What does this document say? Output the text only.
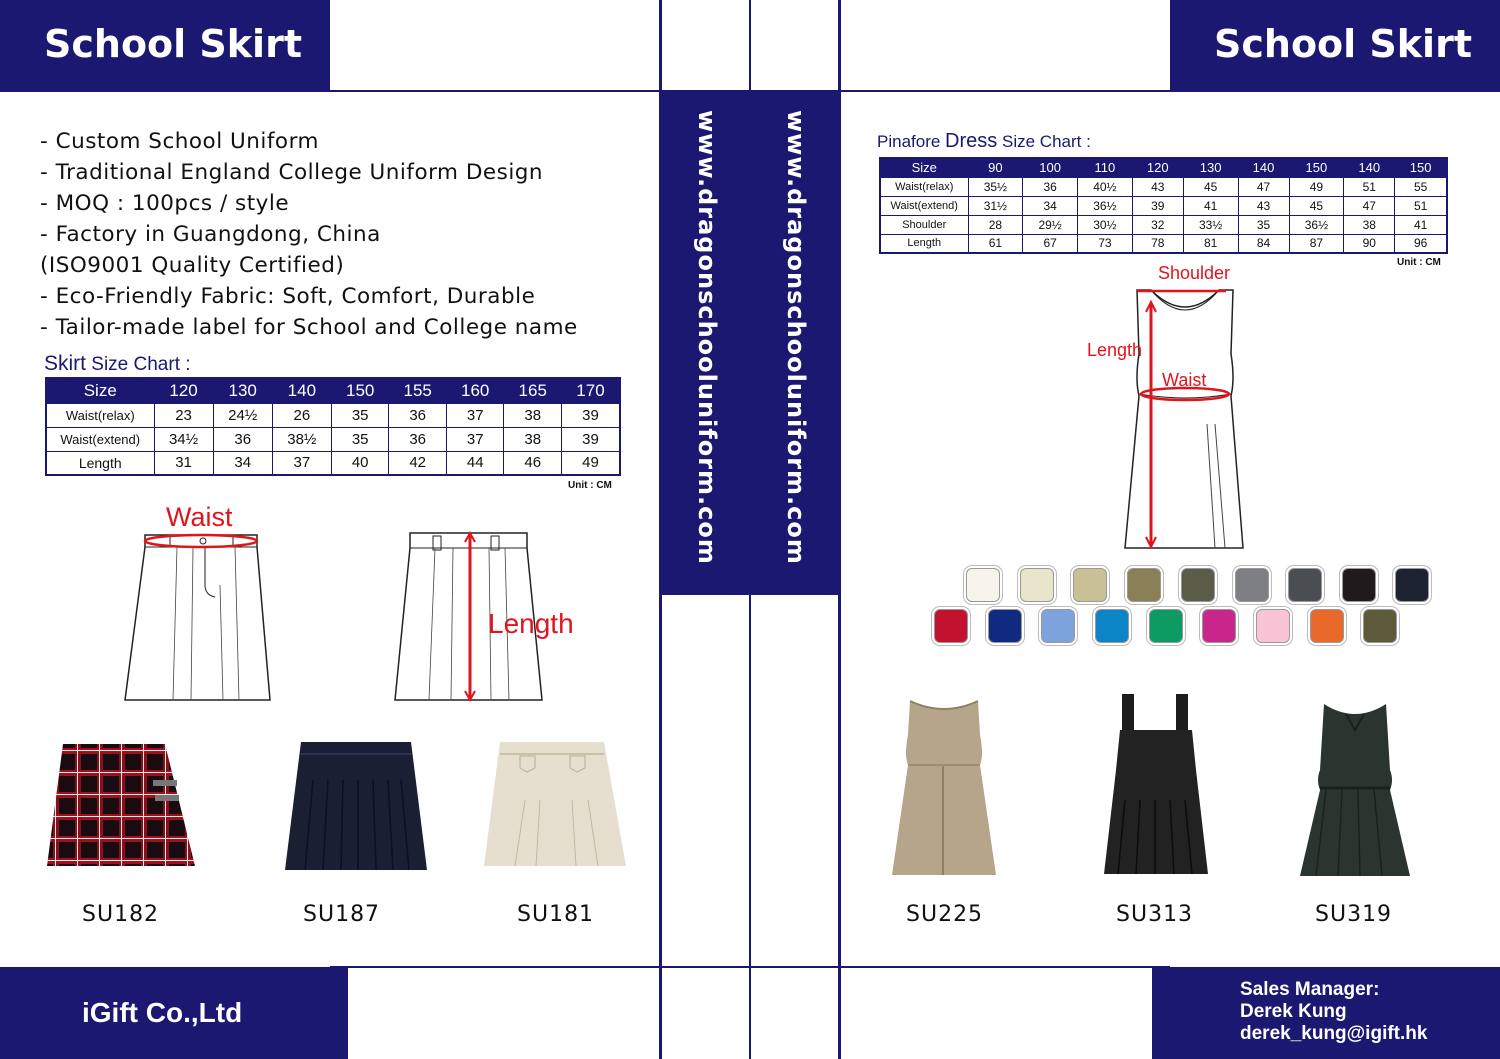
School Skirt	School Skirt
www.dragonschooluniform.com	www.dragonschooluniform.com
- Custom School Uniform
- Traditional England College Uniform Design
- MOQ : 100pcs / style
- Factory in Guangdong, China
(ISO9001 Quality Certified)
- Eco-Friendly Fabric: Soft, Comfort, Durable
- Tailor-made label for School and College name
Skirt Size Chart :
Size	120	130	140	150	155	160	165	170
Waist(relax)	23	24½	26	35	36	37	38	39
Waist(extend)	34½	36	38½	35	36	37	38	39
Length	31	34	37	40	42	44	46	49
Unit : CM
Waist
Length
SU182	SU187	SU181
iGift Co.,Ltd
Pinafore Dress Size Chart :
Size	90	100	110	120	130	140	150	140	150
Waist(relax)	35½	36	40½	43	45	47	49	51	55
Waist(extend)	31½	34	36½	39	41	43	45	47	51
Shoulder	28	29½	30½	32	33½	35	36½	38	41
Length	61	67	73	78	81	84	87	90	96
Unit : CM
Shoulder
Length
Waist
SU225	SU313	SU319
Sales Manager:
Derek Kung
derek_kung@igift.hk
